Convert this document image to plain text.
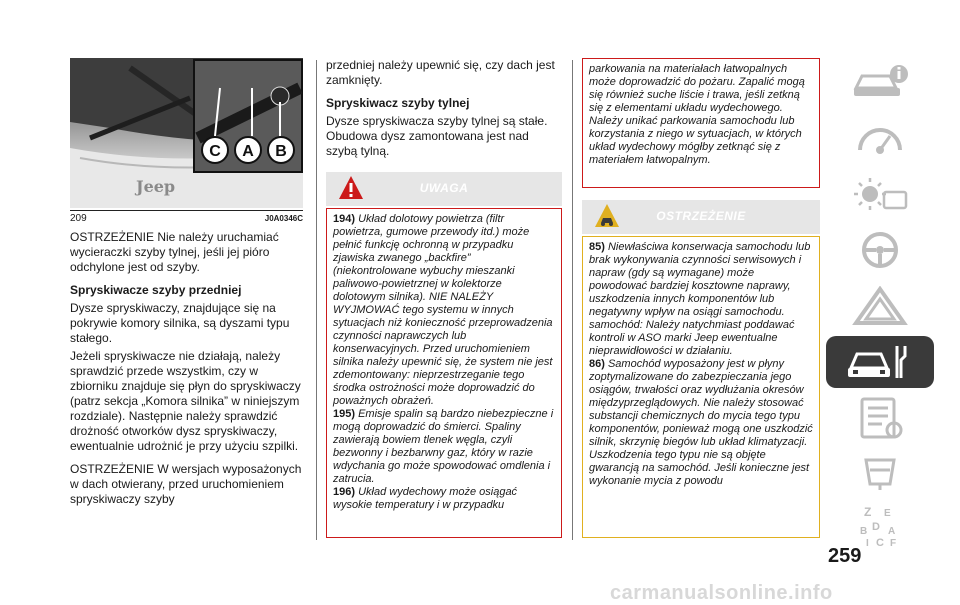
Jeep
C A B
209	J0A0346C

OSTRZEŻENIE Nie należy uruchamiać wycieraczki szyby tylnej, jeśli jej pióro odchylone jest od szyby.

Spryskiwacze szyby przedniej

Dysze spryskiwaczy, znajdujące się na pokrywie komory silnika, są dyszami typu stałego.

Jeżeli spryskiwacze nie działają, należy sprawdzić przede wszystkim, czy w zbiorniku znajduje się płyn do spryskiwaczy (patrz sekcja „Komora silnika” w niniejszym rozdziale). Następnie należy sprawdzić drożność otworków dysz spryskiwaczy, ewentualnie udrożnić je przy użyciu szpilki.

OSTRZEŻENIE W wersjach wyposażonych w dach otwierany, przed uruchomieniem spryskiwaczy szyby

przedniej należy upewnić się, czy dach jest zamknięty.

Spryskiwacz szyby tylnej

Dysze spryskiwacza szyby tylnej są stałe. Obudowa dysz zamontowana jest nad szybą tylną.

UWAGA

194) Układ dolotowy powietrza (filtr powietrza, gumowe przewody itd.) może pełnić funkcję ochronną w przypadku zjawiska zwanego „backfire” (niekontrolowane wybuchy mieszanki paliwowo-powietrznej w kolektorze dolotowym silnika). NIE NALEŻY WYJMOWAĆ tego systemu w innych sytuacjach niż konieczność przeprowadzenia czynności naprawczych lub konserwacyjnych. Przed uruchomieniem silnika należy upewnić się, że system nie jest zdemontowany: nieprzestrzeganie tego środka ostrożności może doprowadzić do poważnych obrażeń.

195) Emisje spalin są bardzo niebezpieczne i mogą doprowadzić do śmierci. Spaliny zawierają bowiem tlenek węgla, czyli bezwonny i bezbarwny gaz, który w razie wdychania go może spowodować omdlenia i zatrucia.

196) Układ wydechowy może osiągać wysokie temperatury i w przypadku

parkowania na materiałach łatwopalnych może doprowadzić do pożaru. Zapalić mogą się również suche liście i trawa, jeśli zetkną się z elementami układu wydechowego. Należy unikać parkowania samochodu lub korzystania z niego w sytuacjach, w których układ wydechowy mógłby zetknąć się z materiałem łatwopalnym.

OSTRZEŻENIE

85) Niewłaściwa konserwacja samochodu lub brak wykonywania czynności serwisowych i napraw (gdy są wymagane) może powodować bardziej kosztowne naprawy, uszkodzenia innych komponentów lub negatywny wpływ na osiągi samochodu. samochód: Należy natychmiast poddawać kontroli w ASO marki Jeep ewentualne nieprawidłowości w działaniu.

86) Samochód wyposażony jest w płyny zoptymalizowane do zabezpieczania jego osiągów, trwałości oraz wydłużania okresów międzyprzeglądowych. Nie należy stosować substancji chemicznych do mycia tego typu komponentów, ponieważ mogą one uszkodzić silnik, skrzynię biegów lub układ klimatyzacji. Uszkodzenia tego typu nie są objęte gwarancją na samochód. Jeśli konieczne jest wykonanie mycia z powodu

Z E
D
B A
I C F
259
carmanualsonline.info
